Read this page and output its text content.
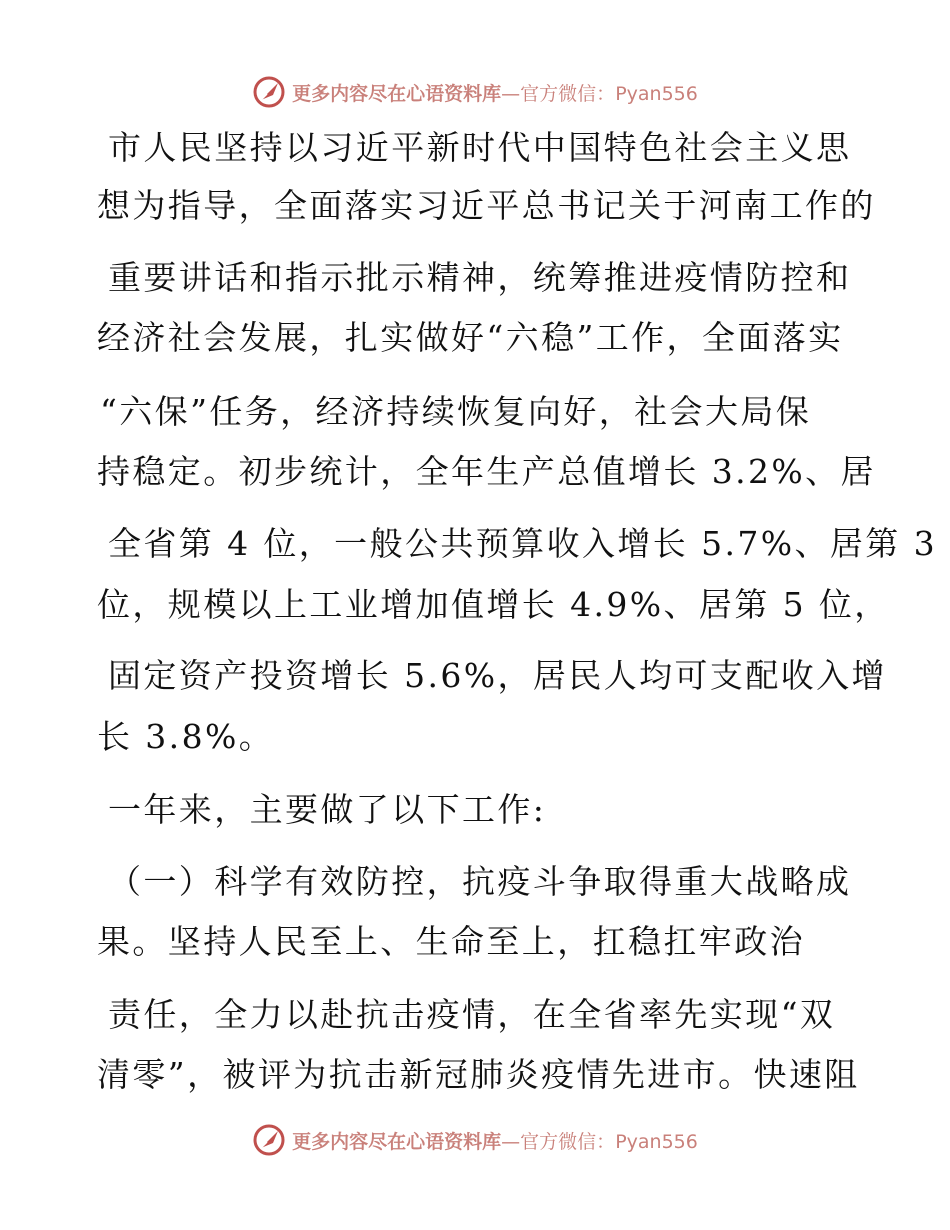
更多内容尽在心语资料库—官方微信：Pyan556
市人民坚持以习近平新时代中国特色社会主义思
想为指导，全面落实习近平总书记关于河南工作的
重要讲话和指示批示精神，统筹推进疫情防控和
经济社会发展，扎实做好“六稳”工作，全面落实
“六保”任务，经济持续恢复向好，社会大局保
持稳定。初步统计，全年生产总值增长 3.2%、居
全省第 4 位，一般公共预算收入增长 5.7%、居第 3
位，规模以上工业增加值增长 4.9%、居第 5 位，
固定资产投资增长 5.6%，居民人均可支配收入增
长 3.8%。
一年来，主要做了以下工作:
（一）科学有效防控，抗疫斗争取得重大战略成
果。坚持人民至上、生命至上，扛稳扛牢政治
责任，全力以赴抗击疫情，在全省率先实现“双
清零”，被评为抗击新冠肺炎疫情先进市。快速阻
更多内容尽在心语资料库—官方微信：Pyan556
